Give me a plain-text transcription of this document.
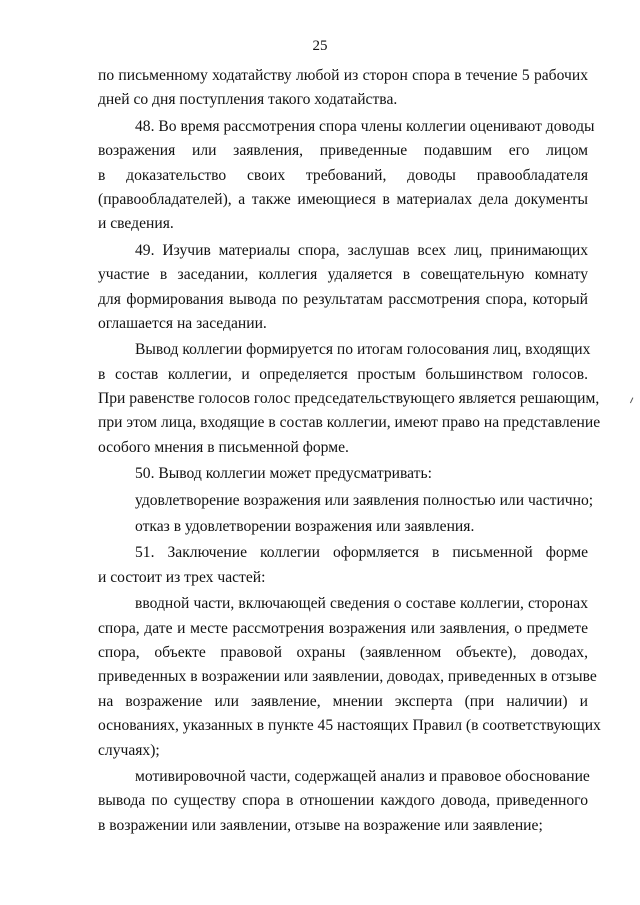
25
по письменному ходатайству любой из сторон спора в течение 5 рабочих
дней со дня поступления такого ходатайства.
48. Во время рассмотрения спора члены коллегии оценивают доводы
возражения или заявления, приведенные подавшим его лицом
в доказательство своих требований, доводы правообладателя
(правообладателей), а также имеющиеся в материалах дела документы
и сведения.
49. Изучив материалы спора, заслушав всех лиц, принимающих
участие в заседании, коллегия удаляется в совещательную комнату
для формирования вывода по результатам рассмотрения спора, который
оглашается на заседании.
Вывод коллегии формируется по итогам голосования лиц, входящих
в состав коллегии, и определяется простым большинством голосов.
При равенстве голосов голос председательствующего является решающим,
при этом лица, входящие в состав коллегии, имеют право на представление
особого мнения в письменной форме.
50. Вывод коллегии может предусматривать:
удовлетворение возражения или заявления полностью или частично;
отказ в удовлетворении возражения или заявления.
51. Заключение коллегии оформляется в письменной форме
и состоит из трех частей:
вводной части, включающей сведения о составе коллегии, сторонах
спора, дате и месте рассмотрения возражения или заявления, о предмете
спора, объекте правовой охраны (заявленном объекте), доводах,
приведенных в возражении или заявлении, доводах, приведенных в отзыве
на возражение или заявление, мнении эксперта (при наличии) и
основаниях, указанных в пункте 45 настоящих Правил (в соответствующих
случаях);
мотивировочной части, содержащей анализ и правовое обоснование
вывода по существу спора в отношении каждого довода, приведенного
в возражении или заявлении, отзыве на возражение или заявление;
